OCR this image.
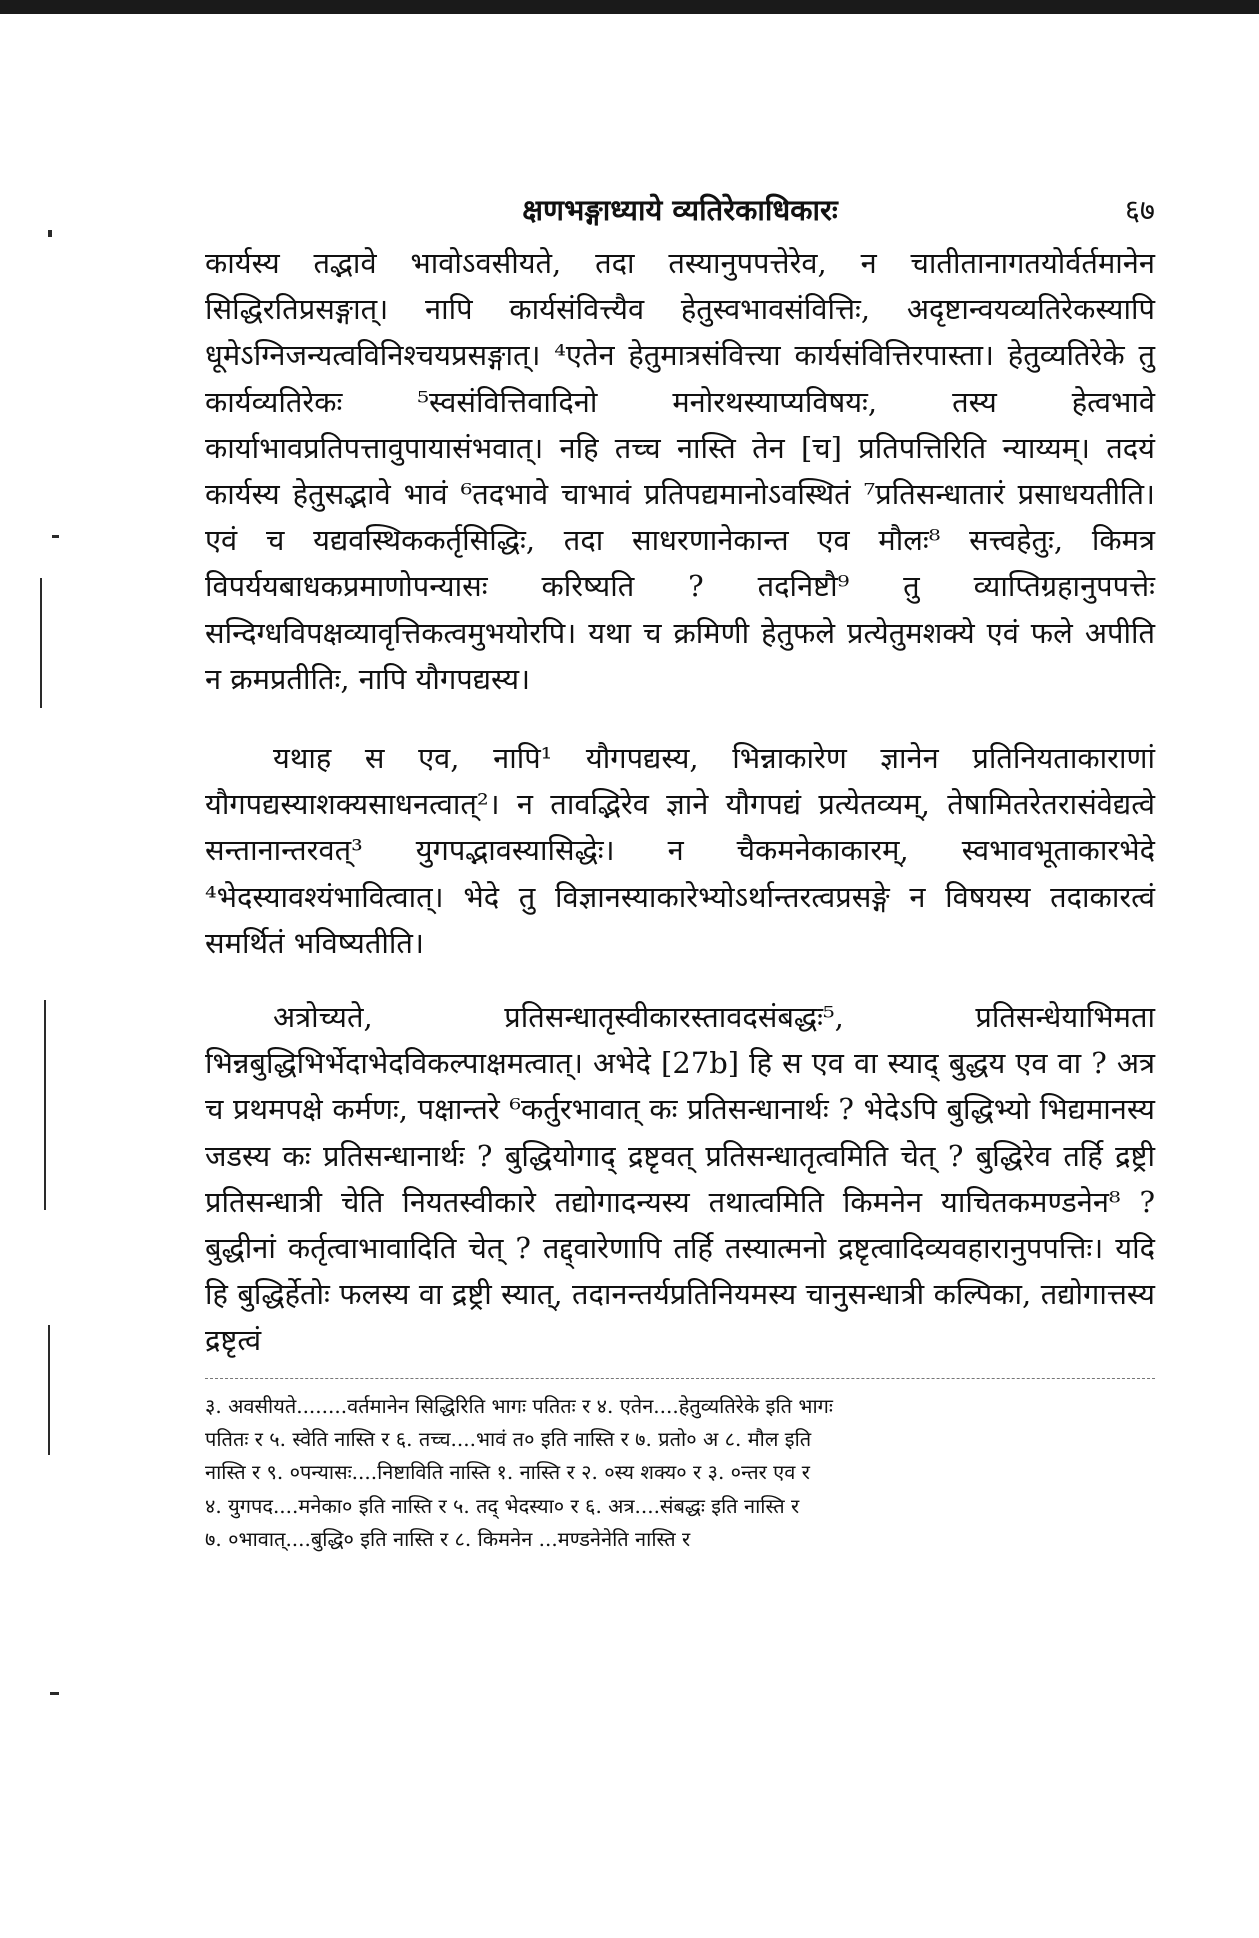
क्षणभङ्गाध्याये व्यतिरेकाधिकारः	६७

कार्यस्य तद्भावे भावोऽवसीयते, तदा तस्यानुपपत्तेरेव, न चातीतानागतयोर्वर्तमानेन सिद्धिरतिप्रसङ्गात्। नापि कार्यसंवित्त्यैव हेतुस्वभावसंवित्तिः, अदृष्टान्वयव्यतिरेकस्यापि धूमेऽग्निजन्यत्वविनिश्चयप्रसङ्गात्। ⁴एतेन हेतुमात्रसंवित्त्या कार्यसंवित्तिरपास्ता। हेतुव्यतिरेके तु कार्यव्यतिरेकः ⁵स्वसंवित्तिवादिनो मनोरथस्याप्यविषयः, तस्य हेत्वभावे कार्याभावप्रतिपत्तावुपायासंभवात्। नहि तच्च नास्ति तेन [च] प्रतिपत्तिरिति न्याय्यम्। तदयं कार्यस्य हेतुसद्भावे भावं ⁶तदभावे चाभावं प्रतिपद्यमानोऽवस्थितं ⁷प्रतिसन्धातारं प्रसाधयतीति। एवं च यद्यवस्थिककर्तृसिद्धिः, तदा साधरणानेकान्त एव मौलः⁸ सत्त्वहेतुः, किमत्र विपर्ययबाधकप्रमाणोपन्यासः करिष्यति ? तदनिष्टौ⁹ तु व्याप्तिग्रहानुपपत्तेः सन्दिग्धविपक्षव्यावृत्तिकत्वमुभयोरपि। यथा च क्रमिणी हेतुफले प्रत्येतुमशक्ये एवं फले अपीति न क्रमप्रतीतिः, नापि यौगपद्यस्य।

यथाह स एव, नापि¹ यौगपद्यस्य, भिन्नाकारेण ज्ञानेन प्रतिनियताकाराणां यौगपद्यस्याशक्यसाधनत्वात्²। न तावद्भिरेव ज्ञाने यौगपद्यं प्रत्येतव्यम्, तेषामितरेतरासंवेद्यत्वे सन्तानान्तरवत्³ युगपद्भावस्यासिद्धेः। न चैकमनेकाकारम्, स्वभावभूताकारभेदे ⁴भेदस्यावश्यंभावित्वात्। भेदे तु विज्ञानस्याकारेभ्योऽर्थान्तरत्वप्रसङ्गे न विषयस्य तदाकारत्वं समर्थितं भविष्यतीति।

अत्रोच्यते, प्रतिसन्धातृस्वीकारस्तावदसंबद्धः⁵, प्रतिसन्धेयाभिमता भिन्नबुद्धिभिर्भेदाभेदविकल्पाक्षमत्वात्। अभेदे [27b] हि स एव वा स्याद् बुद्धय एव वा ? अत्र च प्रथमपक्षे कर्मणः, पक्षान्तरे ⁶कर्तुरभावात् कः प्रतिसन्धानार्थः ? भेदेऽपि बुद्धिभ्यो भिद्यमानस्य जडस्य कः प्रतिसन्धानार्थः ? बुद्धियोगाद् द्रष्टृवत् प्रतिसन्धातृत्वमिति चेत् ? बुद्धिरेव तर्हि द्रष्ट्री प्रतिसन्धात्री चेति नियतस्वीकारे तद्योगादन्यस्य तथात्वमिति किमनेन याचितकमण्डनेन⁸ ? बुद्धीनां कर्तृत्वाभावादिति चेत् ? तद्द्वारेणापि तर्हि तस्यात्मनो द्रष्टृत्वादिव्यवहारानुपपत्तिः। यदि हि बुद्धिर्हेतोः फलस्य वा द्रष्ट्री स्यात्, तदानन्तर्यप्रतिनियमस्य चानुसन्धात्री कल्पिका, तद्योगात्तस्य द्रष्टृत्वं

३. अवसीयते........वर्तमानेन सिद्धिरिति भागः पतितः र ४. एतेन....हेतुव्यतिरेके इति भागः

पतितः र ५. स्वेति नास्ति र ६. तच्च....भावं त० इति नास्ति र ७. प्रतो० अ ८. मौल इति

नास्ति र ९. ०पन्यासः....निष्टाविति नास्ति १. नास्ति र २. ०स्य शक्य० र ३. ०न्तर एव र

४. युगपद....मनेका० इति नास्ति र ५. तद् भेदस्या० र ६. अत्र....संबद्धः इति नास्ति र

७. ०भावात्....बुद्धि० इति नास्ति र ८. किमनेन ...मण्डनेनेति नास्ति र
